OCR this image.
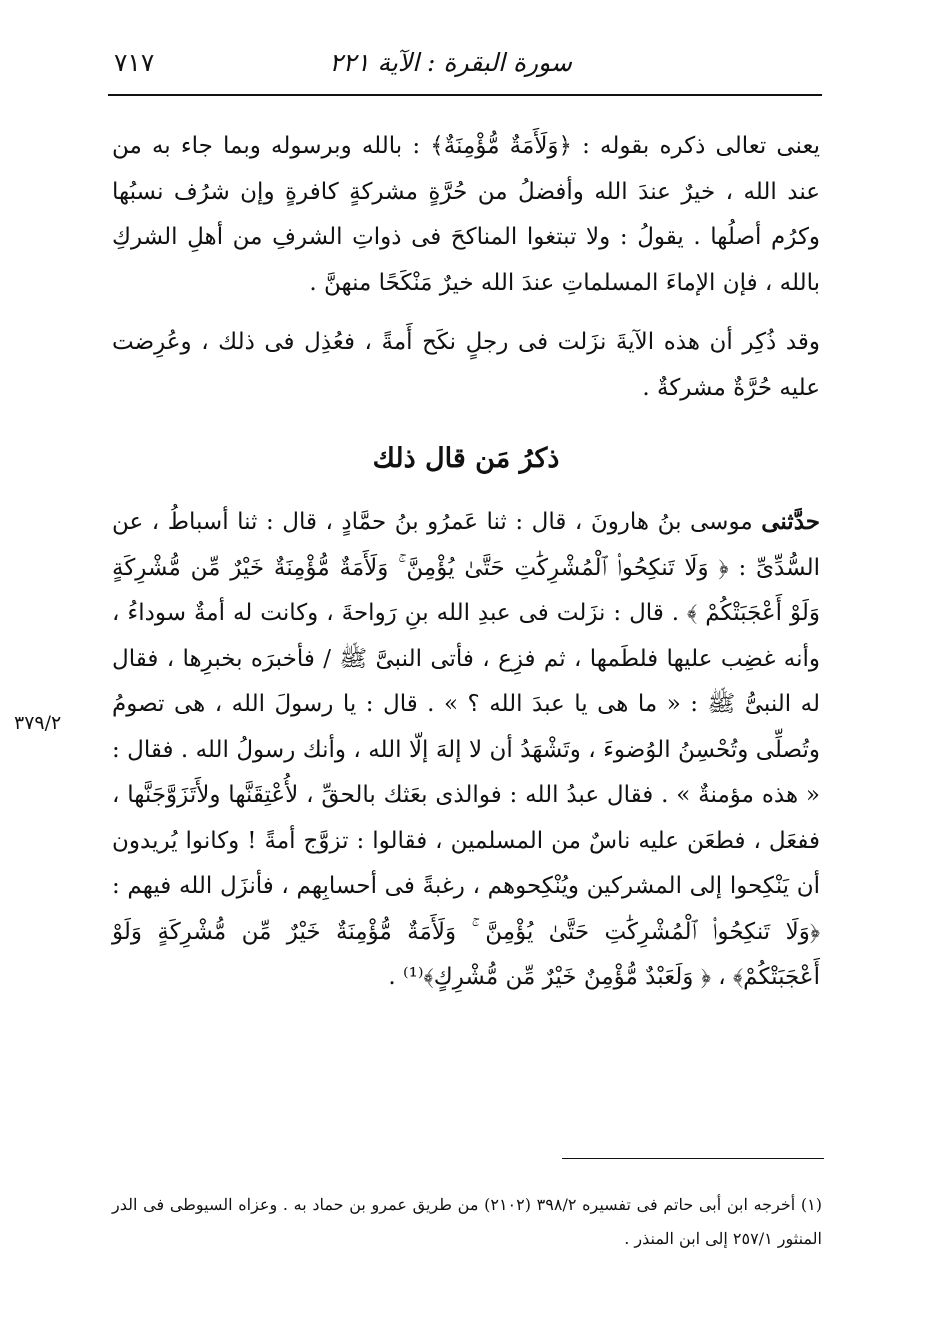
سورة البقرة : الآية ٢٢١
٧١٧
٣٧٩/٢

يعنى تعالى ذكره بقوله : ﴿وَلَأَمَةٌ مُّؤْمِنَةٌ﴾ : بالله وبرسوله وبما جاء به من عند الله ، خيرٌ عندَ الله وأفضلُ من حُرَّةٍ مشركةٍ كافرةٍ وإن شرُف نسبُها وكرُم أصلُها . يقولُ : ولا تبتغوا المناكحَ فى ذواتِ الشرفِ من أهلِ الشركِ بالله ، فإن الإماءَ المسلماتِ عندَ الله خيرٌ مَنْكَحًا منهنَّ .

وقد ذُكِر أن هذه الآيةَ نزَلت فى رجلٍ نكَح أَمةً ، فعُذِل فى ذلك ، وعُرِضت عليه حُرَّةٌ مشركةٌ .

ذكرُ مَن قال ذلك

حدَّثنى موسى بنُ هارونَ ، قال : ثنا عَمرُو بنُ حمَّادٍ ، قال : ثنا أسباطُ ، عن السُّدِّىِّ : ﴿ وَلَا تَنكِحُوا۟ ٱلْمُشْرِكَٰتِ حَتَّىٰ يُؤْمِنَّ ۚ وَلَأَمَةٌ مُّؤْمِنَةٌ خَيْرٌ مِّن مُّشْرِكَةٍ وَلَوْ أَعْجَبَتْكُمْ ﴾ . قال : نزَلت فى عبدِ الله بنِ رَواحةَ ، وكانت له أمةٌ سوداءُ ، وأنه غضِب عليها فلطَمها ، ثم فزِع ، فأتى النبىَّ ﷺ / فأخبرَه بخبرِها ، فقال له النبىُّ ﷺ : « ما هى يا عبدَ الله ؟ » . قال : يا رسولَ الله ، هى تصومُ وتُصلِّى وتُحْسِنُ الوُضوءَ ، وتَشْهَدُ أن لا إلهَ إلّا الله ، وأنك رسولُ الله . فقال : « هذه مؤمنةٌ » . فقال عبدُ الله : فوالذى بعَثك بالحقِّ ، لأُعْتِقَنَّها ولأَتَزَوَّجَنَّها ، ففعَل ، فطعَن عليه ناسٌ من المسلمين ، فقالوا : تزوَّج أمةً ! وكانوا يُريدون أن يَنْكِحوا إلى المشركين ويُنْكِحوهم ، رغبةً فى أحسابِهم ، فأنزَل الله فيهم : ﴿وَلَا تَنكِحُوا۟ ٱلْمُشْرِكَٰتِ حَتَّىٰ يُؤْمِنَّ ۚ وَلَأَمَةٌ مُّؤْمِنَةٌ خَيْرٌ مِّن مُّشْرِكَةٍ وَلَوْ أَعْجَبَتْكُمْ﴾ ، ﴿ وَلَعَبْدٌ مُّؤْمِنٌ خَيْرٌ مِّن مُّشْرِكٍ﴾⁽¹⁾ .

(١) أخرجه ابن أبى حاتم فى تفسيره ٣٩٨/٢ (٢١٠٢) من طريق عمرو بن حماد به . وعزاه السيوطى فى الدر المنثور ٢٥٧/١ إلى ابن المنذر .
